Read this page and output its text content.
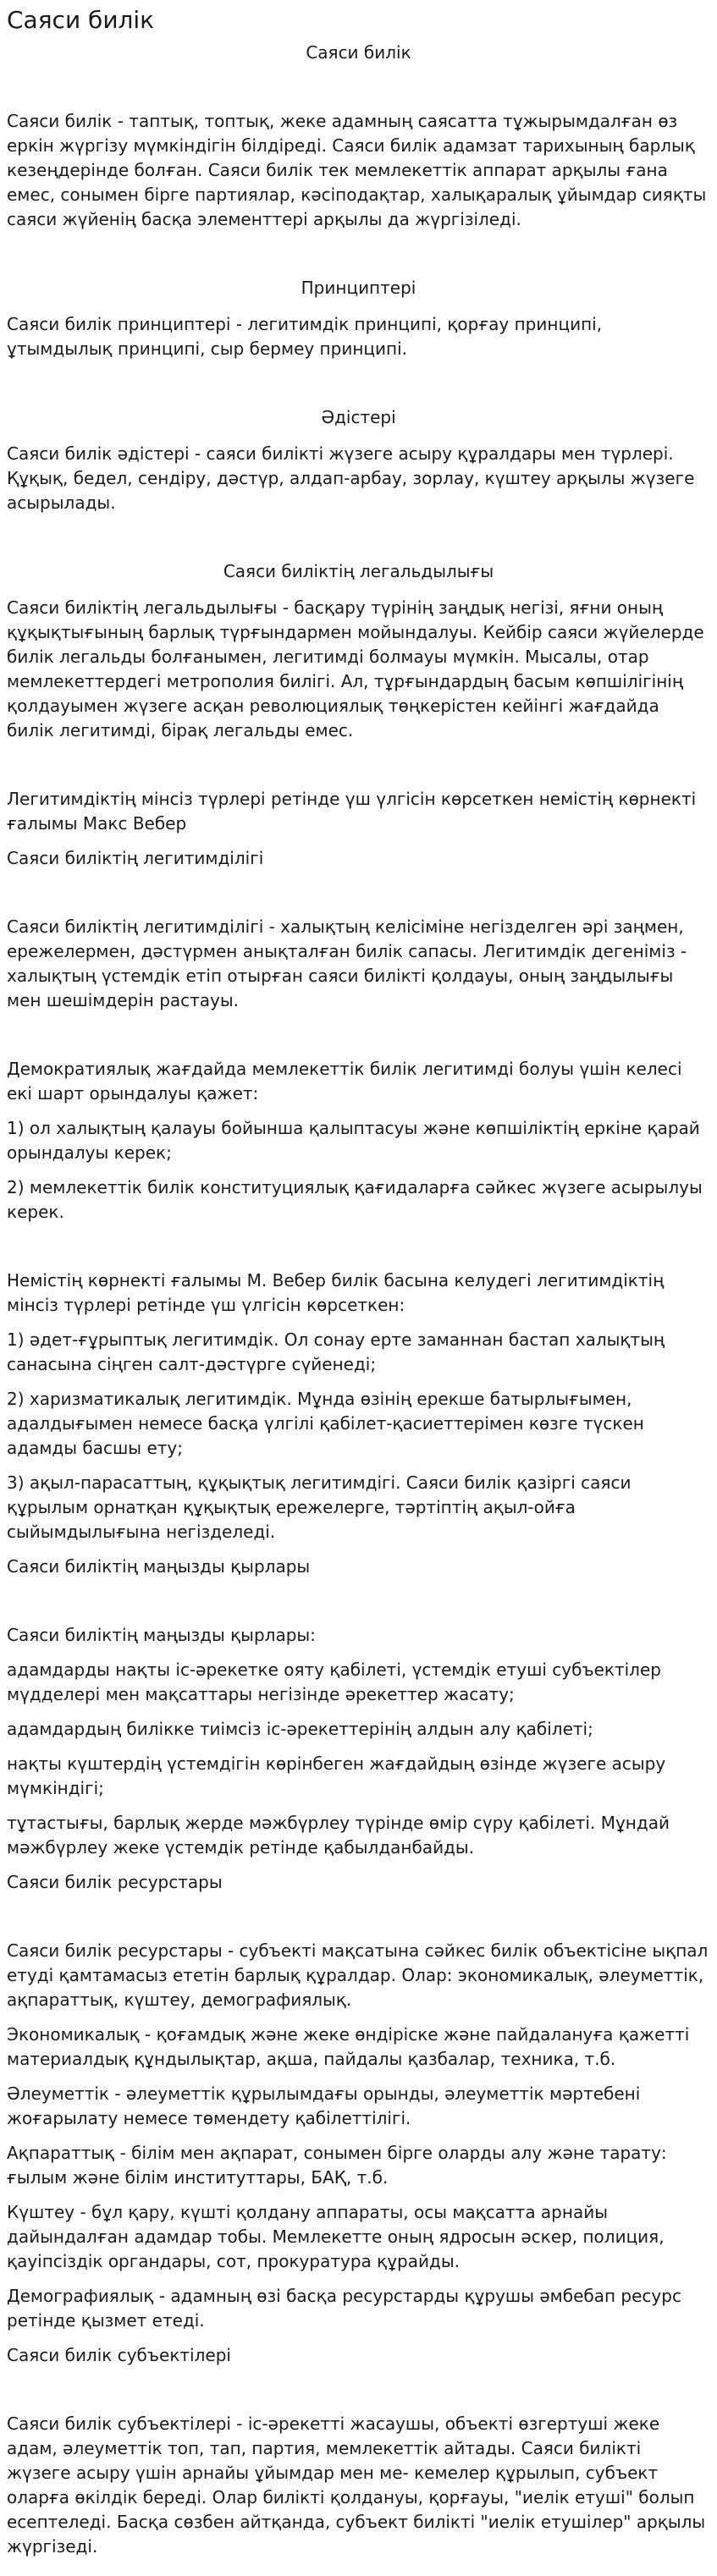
Саяси билік

Саяси билік

Саяси билік - таптық, топтық, жеке адамның саясатта тұжырымдалған өз еркін жүргізу мүмкіндігін білдіреді. Саяси билік адамзат тарихының барлық кезеңдерінде болған. Саяси билік тек мемлекеттік аппарат арқылы ғана емес, сонымен бірге партиялар, кәсіподақтар, халықаралық ұйымдар сияқты саяси жүйенің басқа элементтері арқылы да жүргізіледі.

Принциптері

Саяси билік принциптері - легитимдік принципі, қорғау принципі, ұтымдылық принципі, сыр бермеу принципі.

Әдістері

Саяси билік әдістері - саяси билікті жүзеге асыру құралдары мен түрлері. Құқық, бедел, сендіру, дәстүр, алдап-арбау, зорлау, күштеу арқылы жүзеге асырылады.

Саяси биліктің легальдылығы

Саяси биліктің легальдылығы - басқару түрінің заңдық негізі, яғни оның құқықтығының барлық түрғындармен мойындалуы. Кейбір саяси жүйелерде билік легальды болғанымен, легитимді болмауы мүмкін. Мысалы, отар мемлекеттердегі метрополия билігі. Ал, тұрғындардың басым көпшілігінің қолдауымен жүзеге асқан революциялық төңкерістен кейінгі жағдайда билік легитимді, бірақ легальды емес.

Легитимдіктің мінсіз түрлері ретінде үш үлгісін көрсеткен немістің көрнекті ғалымы Макс Вебер

Саяси биліктің легитимділігі

Саяси биліктің легитимділігі - халықтың келісіміне негізделген әрі заңмен, ережелермен, дәстүрмен анықталған билік сапасы. Легитимдік дегеніміз - халықтың үстемдік етіп отырған саяси билікті қолдауы, оның заңдылығы мен шешімдерін растауы.

Демократиялық жағдайда мемлекеттік билік легитимді болуы үшін келесі екі шарт орындалуы қажет:

1) ол халықтың қалауы бойынша қалыптасуы және көпшіліктің еркіне қарай орындалуы керек;

2) мемлекеттік билік конституциялық қағидаларға сәйкес жүзеге асырылуы керек.

Немістің көрнекті ғалымы М. Вебер билік басына келудегі легитимдіктің мінсіз түрлері ретінде үш үлгісін көрсеткен:

1) әдет-ғұрыптық легитимдік. Ол сонау ерте заманнан бастап халықтың санасына сіңген салт-дәстүрге сүйенеді;

2) харизматикалық легитимдік. Мұнда өзінің ерекше батырлығымен, адалдығымен немесе басқа үлгілі қабілет-қасиеттерімен көзге түскен адамды басшы ету;

3) ақыл-парасаттың, құқықтық легитимдігі. Саяси билік қазіргі саяси құрылым орнатқан құқықтық ережелерге, тәртіптің ақыл-ойға сыйымдылығына негізделеді.

Саяси биліктің маңызды қырлары

Саяси биліктің маңызды қырлары:

адамдарды нақты іс-әрекетке ояту қабілеті, үстемдік етуші субъектілер мүдделері мен мақсаттары негізінде әрекеттер жасату;

адамдардың билікке тиімсіз іс-әрекеттерінің алдын алу қабілеті;

нақты күштердің үстемдігін көрінбеген жағдайдың өзінде жүзеге асыру мүмкіндігі;

тұтастығы, барлық жерде мәжбүрлеу түрінде өмір сүру қабілеті. Мұндай мәжбүрлеу жеке үстемдік ретінде қабылданбайды.

Саяси билік ресурстары

Саяси билік ресурстары - субъекті мақсатына сәйкес билік объектісіне ықпал етуді қамтамасыз ететін барлық құралдар. Олар: экономикалық, әлеуметтік, ақпараттық, күштеу, демографиялық.

Экономикалық - қоғамдық және жеке өндіріске және пайдалануға қажетті материалдық құндылықтар, ақша, пайдалы қазбалар, техника, т.б.

Әлеуметтік - әлеуметтік құрылымдағы орынды, әлеуметтік мәртебені жоғарылату немесе төмендету қабілеттілігі.

Ақпараттық - білім мен ақпарат, сонымен бірге оларды алу және тарату: ғылым және білім институттары, БАҚ, т.б.

Күштеу - бұл қару, күшті қолдану аппараты, осы мақсатта арнайы дайындалған адамдар тобы. Мемлекетте оның ядросын әскер, полиция, қауіпсіздік органдары, сот, прокуратура құрайды.

Демографиялық - адамның өзі басқа ресурстарды құрушы әмбебап ресурс ретінде қызмет етеді.

Саяси билік субъектілері

Саяси билік субъектілері - іс-әрекетті жасаушы, объекті өзгертуші жеке адам, әлеуметтік топ, тап, партия, мемлекеттік айтады. Саяси билікті жүзеге асыру үшін арнайы ұйымдар мен ме- кемелер құрылып, субъект оларға өкілдік береді. Олар билікті қолдануы, қорғауы, "иелік етуші" болып есептеледі. Басқа сөзбен айтқанда, субъект билікті "иелік етушілер" арқылы жүргізеді.
